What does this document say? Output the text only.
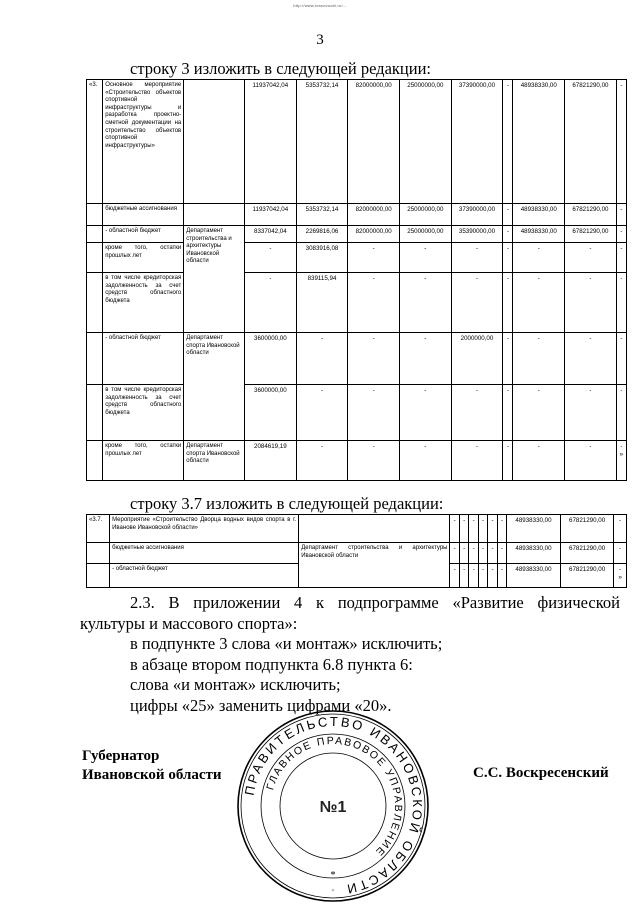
http://www.ivanovoobl.ru/...
3
строку 3 изложить в следующей редакции:
«3.	Основное мероприятие «Строительство объектов спортивной инфраструктуры и разработка проектно-сметной документации на строительство объектов спортивной инфраструктуры»		11937042,04	5353732,14	82000000,00	25000000,00	37390000,00	-	48938330,00	67821290,00	-
	бюджетные ассигнования		11937042,04	5353732,14	82000000,00	25000000,00	37390000,00	-	48938330,00	67821290,00	-
	- областной бюджет	Департамент строительства и архитектуры Ивановской области	8337042,04	2269816,06	82000000,00	25000000,00	35390000,00	-	48938330,00	67821290,00	-
	кроме того, остатки прошлых лет		-	3083916,08	-	-	-	-	-	-	-
	в том числе кредиторская задолженность за счет средств областного бюджета		-	839115,94	-	-	-	-	-	-	-
	- областной бюджет	Департамент спорта Ивановской области	3600000,00	-	-	-	2000000,00	-	-	-	-
	в том числе кредиторская задолженность за счет средств областного бюджета		3600000,00	-	-	-	-	-	-	-	-
	кроме того, остатки прошлых лет	Департамент спорта Ивановской области	2084619,19	-	-	-	-	-	-	-	-
»
строку 3.7 изложить в следующей редакции:
«3.7.	Мероприятие «Строительство Дворца водных видов спорта в г. Иванове Ивановской области»		-	-	-	-	-	-	48938330,00	67821290,00	-
	бюджетные ассигнования	Департамент строительства и архитектуры Ивановской области	-	-	-	-	-	-	48938330,00	67821290,00	-
	- областной бюджет		-	-	-	-	-	-	48938330,00	67821290,00	-
»

2.3. В приложении 4 к подпрограмме «Развитие физической культуры и массового спорта»:

в подпункте 3 слова «и монтаж» исключить;

в абзаце втором подпункта 6.8 пункта 6:

слова «и монтаж» исключить;

цифры «25» заменить цифрами «20».

Губернатор
Ивановской области	С.С. Воскресенский
ПРАВИТЕЛЬСТВО ИВАНОВСКОЙ ОБЛАСТИ
ГЛАВНОЕ ПРАВОВОЕ УПРАВЛЕНИЕ
№1
*
*
